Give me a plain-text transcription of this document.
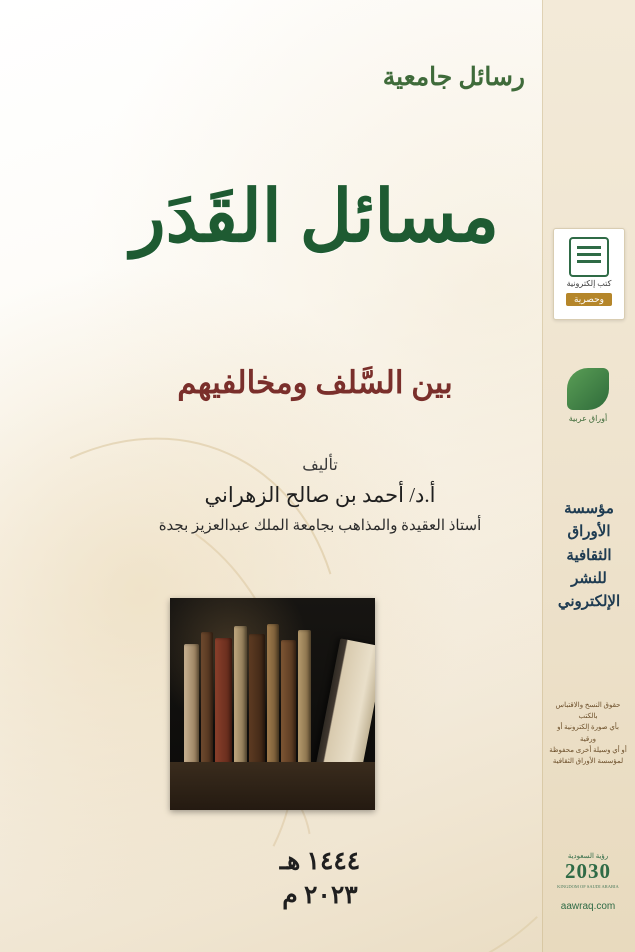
رسائل جامعية
مسائل القَدَر
بين السَّلف ومخالفيهم
تأليف
أ.د/ أحمد بن صالح الزهراني
أستاذ العقيدة والمذاهب بجامعة الملك عبدالعزيز بجدة
١٤٤٤ هـ
٢٠٢٣ م
كتب إلكترونية
وحصرية
أوراق عربية
مؤسسة
الأوراق
الثقافية
للنشر
الإلكتروني
حقوق النسخ والاقتباس بالكتب
بأي صورة إلكترونية أو ورقية
أو أي وسيلة أخرى محفوظة
لمؤسسة الأوراق الثقافية
رؤية السعودية
2030
KINGDOM OF SAUDI ARABIA
aawraq.com
